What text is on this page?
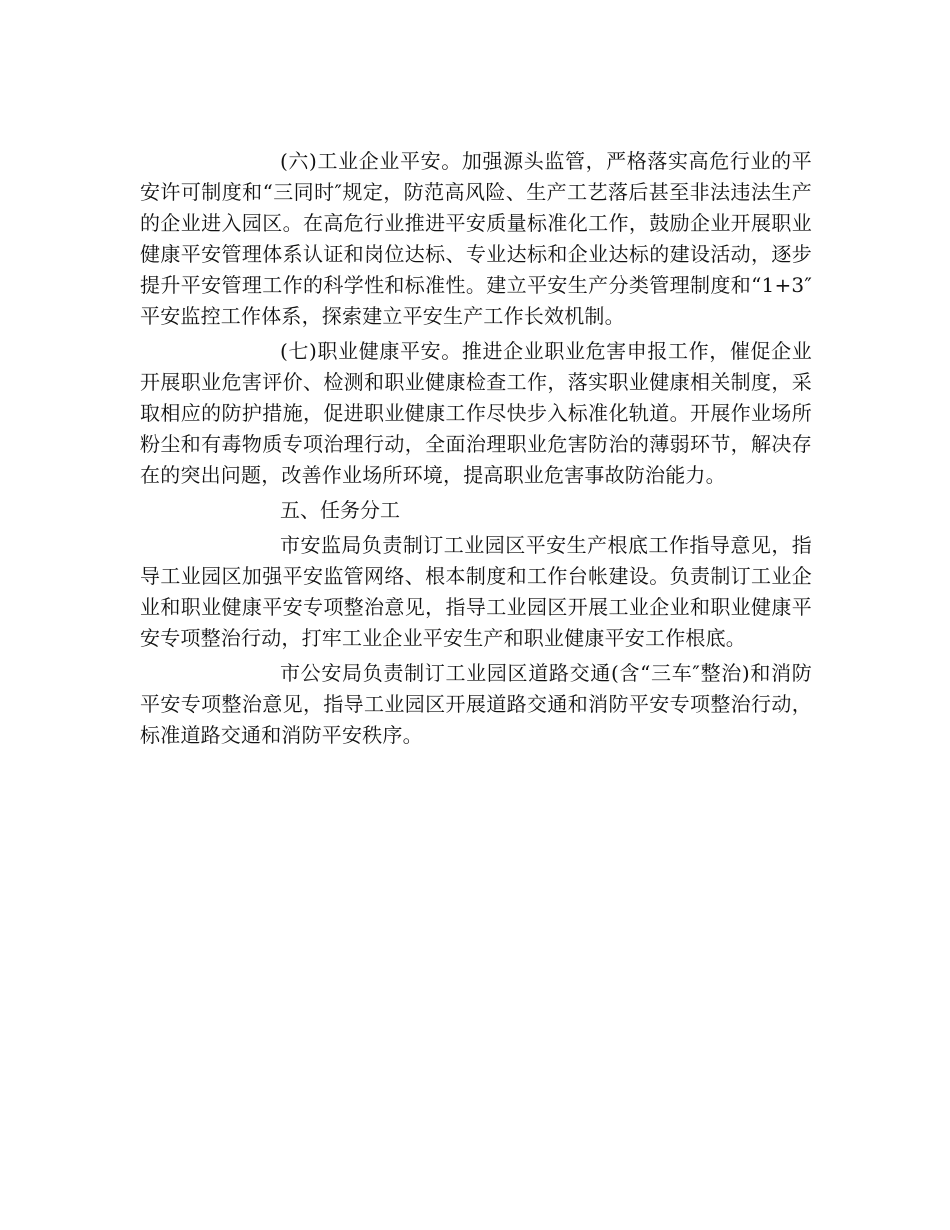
(六)工业企业平安。加强源头监管，严格落实高危行业的平安许可制度和“三同时″规定，防范高风险、生产工艺落后甚至非法违法生产的企业进入园区。在高危行业推进平安质量标准化工作，鼓励企业开展职业健康平安管理体系认证和岗位达标、专业达标和企业达标的建设活动，逐步提升平安管理工作的科学性和标准性。建立平安生产分类管理制度和“1+3″平安监控工作体系，探索建立平安生产工作长效机制。

(七)职业健康平安。推进企业职业危害申报工作，催促企业开展职业危害评价、检测和职业健康检查工作，落实职业健康相关制度，采取相应的防护措施，促进职业健康工作尽快步入标准化轨道。开展作业场所粉尘和有毒物质专项治理行动，全面治理职业危害防治的薄弱环节，解决存在的突出问题，改善作业场所环境，提高职业危害事故防治能力。

五、任务分工

市安监局负责制订工业园区平安生产根底工作指导意见，指导工业园区加强平安监管网络、根本制度和工作台帐建设。负责制订工业企业和职业健康平安专项整治意见，指导工业园区开展工业企业和职业健康平安专项整治行动，打牢工业企业平安生产和职业健康平安工作根底。

市公安局负责制订工业园区道路交通(含“三车″整治)和消防平安专项整治意见，指导工业园区开展道路交通和消防平安专项整治行动，标准道路交通和消防平安秩序。
